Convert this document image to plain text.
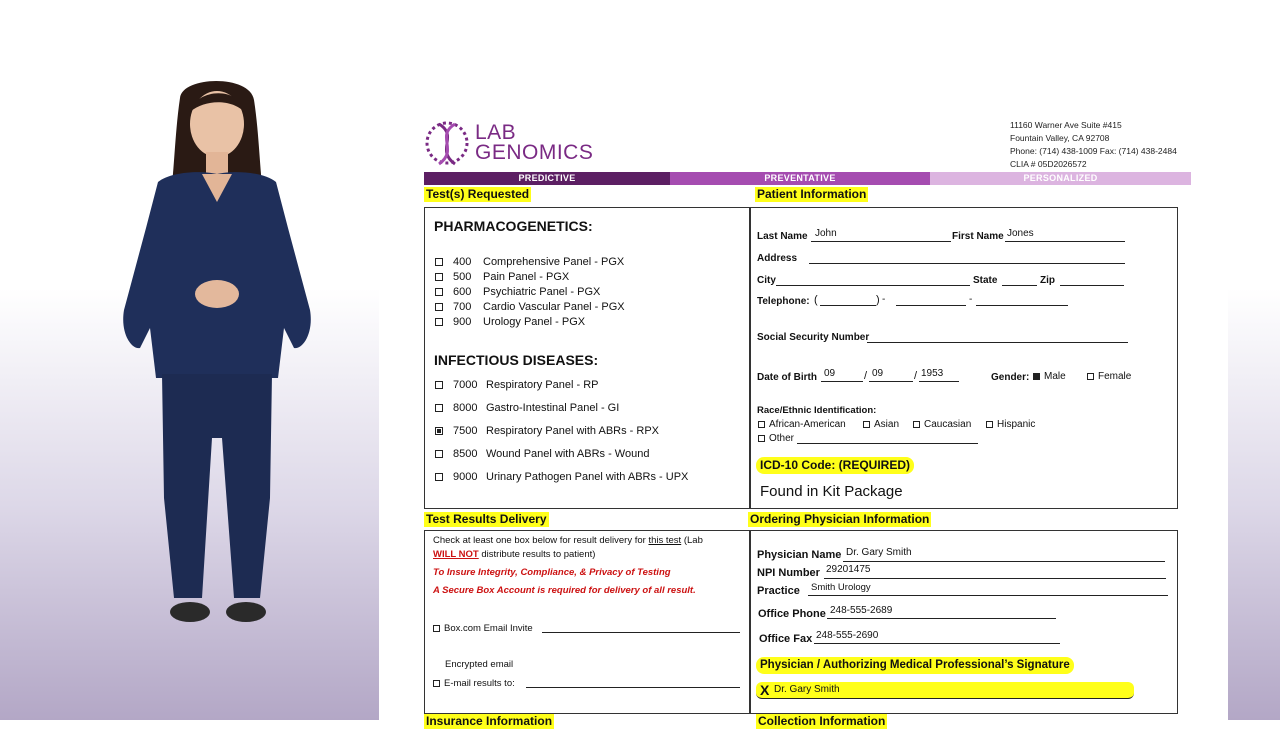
LAB
GENOMICS
11160 Warner Ave Suite #415
Fountain Valley, CA 92708
Phone: (714) 438-1009 Fax: (714) 438-2484
CLIA # 05D2026572
PREDICTIVE	PREVENTATIVE	PERSONALIZED
Test(s) Requested	Patient Information
PHARMACOGENETICS:
400	Comprehensive Panel - PGX
500	Pain Panel - PGX
600	Psychiatric Panel - PGX
700	Cardio Vascular Panel - PGX
900	Urology Panel - PGX
INFECTIOUS DISEASES:
7000 Respiratory Panel - RP
8000 Gastro-Intestinal Panel - GI
7500 Respiratory Panel with ABRs - RPX
8500 Wound Panel with ABRs - Wound
9000 Urinary Pathogen Panel with ABRs - UPX
Last Name John	First Name Jones
Address
City	State	Zip
Telephone: (	) -	-
Social Security Number
Date of Birth 09	/ 09	/ 1953	Gender:	Male	Female
Race/Ethnic Identification:
African-American	Asian	Caucasian	Hispanic
Other
ICD-10 Code: (REQUIRED)
Found in Kit Package
Test Results Delivery	Ordering Physician Information
Check at least one box below for result delivery for this test (Lab
WILL NOT distribute results to patient)
To Insure Integrity, Compliance, & Privacy of Testing
A Secure Box Account is required for delivery of all result.
Box.com Email Invite
Encrypted email
E-mail results to:
Physician Name Dr. Gary Smith
NPI Number 29201475
Practice Smith Urology
Office Phone 248-555-2689
Office Fax 248-555-2690
Physician / Authorizing Medical Professional’s Signature
X Dr. Gary Smith
Insurance Information	Collection Information
